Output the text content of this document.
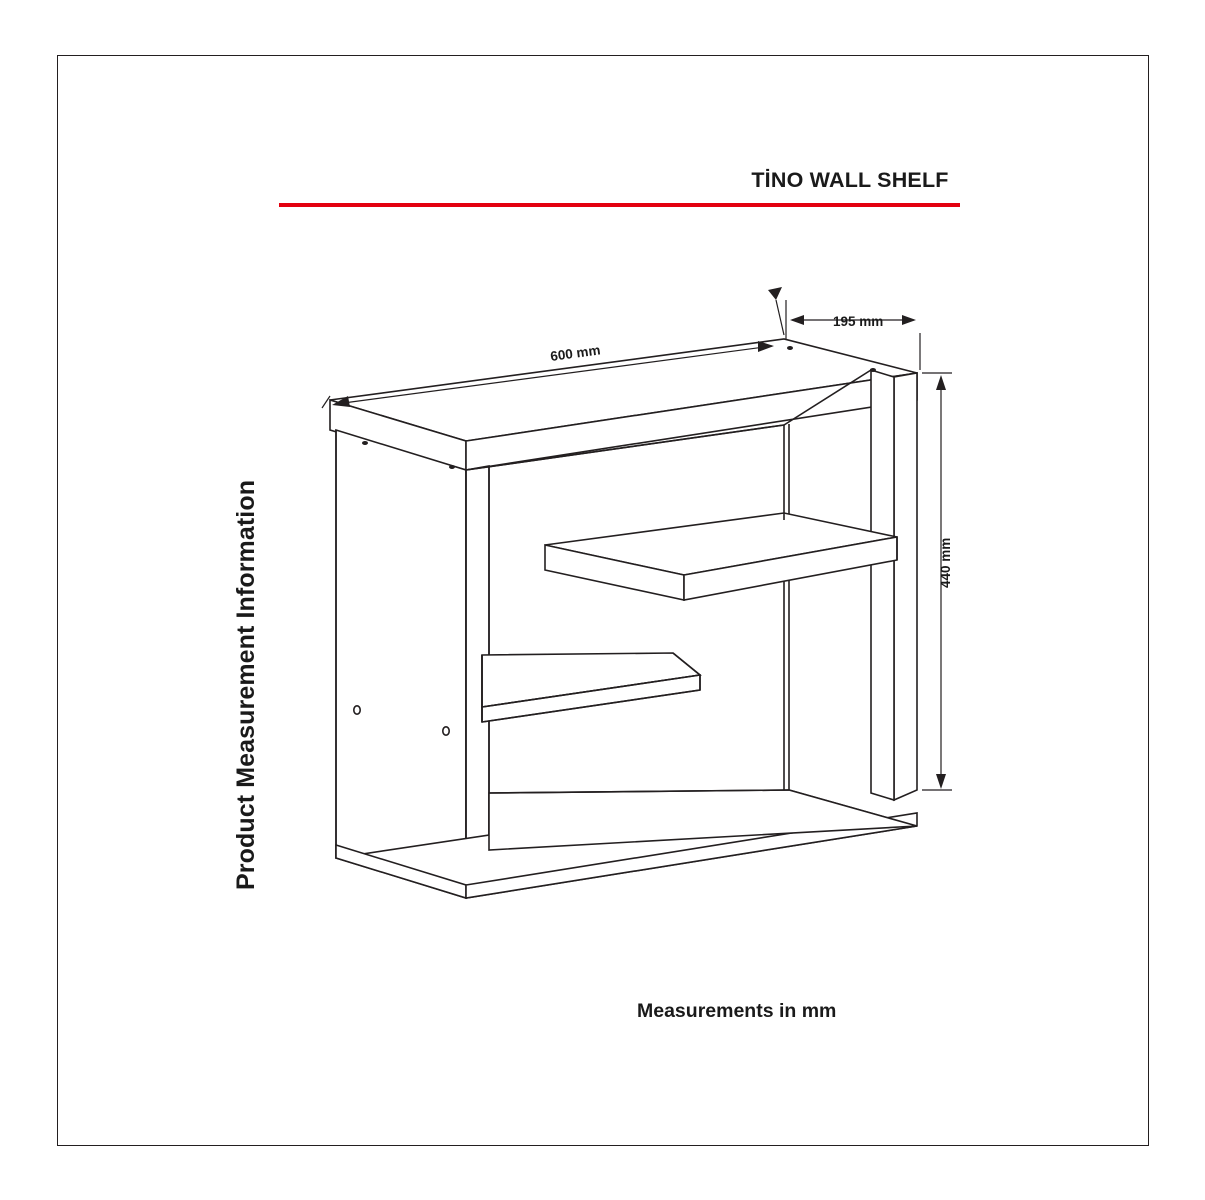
TİNO WALL SHELF
Product Measurement Information
Measurements in mm
600 mm
195 mm
440 mm
